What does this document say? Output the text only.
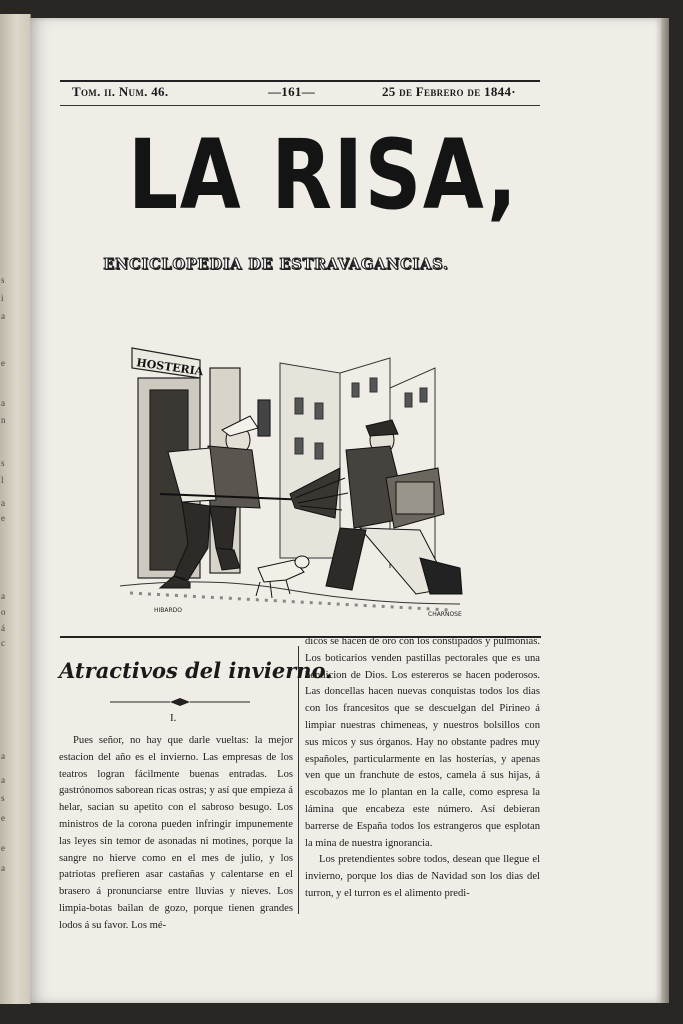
s
i
a
e
a
n
s
l
a
e
a
o
á
c
a
a
s
e
e
a
Tom. ii. Num. 46.	—161—	25 de Febrero de 1844·
LA RISA,
ENCICLOPEDIA DE ESTRAVAGANCIAS.
HOSTERIA
HIBARDO
CHARNOSE
Atractivos del invierno.
I.

Pues señor, no hay que darle vueltas: la mejor estacion del año es el invierno. Las empresas de los teatros logran fácilmente buenas entradas. Los gastrónomos saborean ricas ostras; y así que empieza á helar, sacian su apetito con el sabroso besugo. Los ministros de la corona pueden infringir impunemente las leyes sin temor de asonadas ni motines, porque la sangre no hierve como en el mes de julio, y los patriotas prefieren asar castañas y calentarse en el brasero á pronunciarse entre lluvias y nieves. Los limpia-botas bailan de gozo, porque tienen grandes lodos á su favor. Los mé-

dicos se hacen de oro con los constipados y pulmonías. Los boticarios venden pastillas pectorales que es una bendicion de Dios. Los estereros se hacen poderosos. Las doncellas hacen nuevas conquistas todos los dias con los francesitos que se descuelgan del Pirineo á limpiar nuestras chimeneas, y nuestros bolsillos con sus micos y sus órganos. Hay no obstante padres muy españoles, particularmente en las hosterías, y apenas ven que un franchute de estos, camela á sus hijas, á escobazos me lo plantan en la calle, como espresa la lámina que encabeza este número. Así debieran barrerse de España todos los estrangeros que esplotan la mina de nuestra ignorancia.

Los pretendientes sobre todos, desean que llegue el invierno, porque los dias de Navidad son los dias del turron, y el turron es el alimento predi-
